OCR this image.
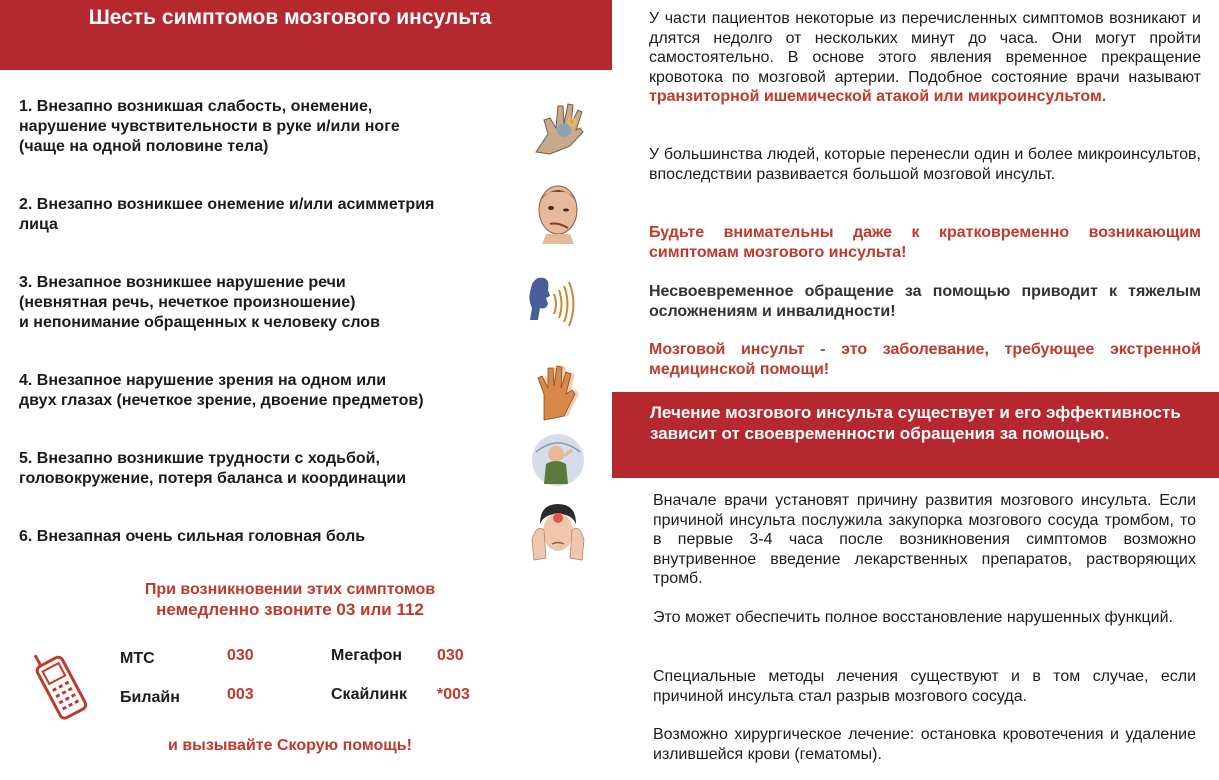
Шесть симптомов мозгового инсульта
1. Внезапно возникшая слабость, онемение,
нарушение чувствительности в руке и/или ноге
(чаще на одной половине тела)
2. Внезапно возникшее онемение и/или асимметрия
лица
3. Внезапное возникшее нарушение речи
(невнятная речь, нечеткое произношение)
и непонимание обращенных к человеку слов
4. Внезапное нарушение зрения на одном или
двух глазах (нечеткое зрение, двоение предметов)
5. Внезапно возникшие трудности с ходьбой,
головокружение, потеря баланса и координации
6. Внезапная очень сильная головная боль
При возникновении этих симптомов
немедленно звоните 03 или 112
МТС	030	Мегафон 030
Билайн	003	Скайлинк *003
и вызывайте Скорую помощь!
У части пациентов некоторые из перечисленных симптомов возникают и длятся недолго от нескольких минут до часа. Они могут пройти самостоятельно. В основе этого явления временное прекращение кровотока по мозговой артерии. Подобное состояние врачи называют транзиторной ишемической атакой или микроинсультом.
У большинства людей, которые перенесли один и более микроинсультов, впоследствии развивается большой мозговой инсульт.
Будьте внимательны даже к кратковременно возникающим симптомам мозгового инсульта!
Несвоевременное обращение за помощью приводит к тяжелым осложнениям и инвалидности!
Мозговой инсульт - это заболевание, требующее экстренной медицинской помощи!
Лечение мозгового инсульта существует и его эффективность зависит от своевременности обращения за помощью.
Вначале врачи установят причину развития мозгового инсульта. Если причиной инсульта послужила закупорка мозгового сосуда тромбом, то в первые 3-4 часа после возникновения симптомов возможно внутривенное введение лекарственных препаратов, растворяющих тромб.
Это может обеспечить полное восстановление нарушенных функций.
Специальные методы лечения существуют и в том случае, если причиной инсульта стал разрыв мозгового сосуда.
Возможно хирургическое лечение: остановка кровотечения и удаление излившейся крови (гематомы).
